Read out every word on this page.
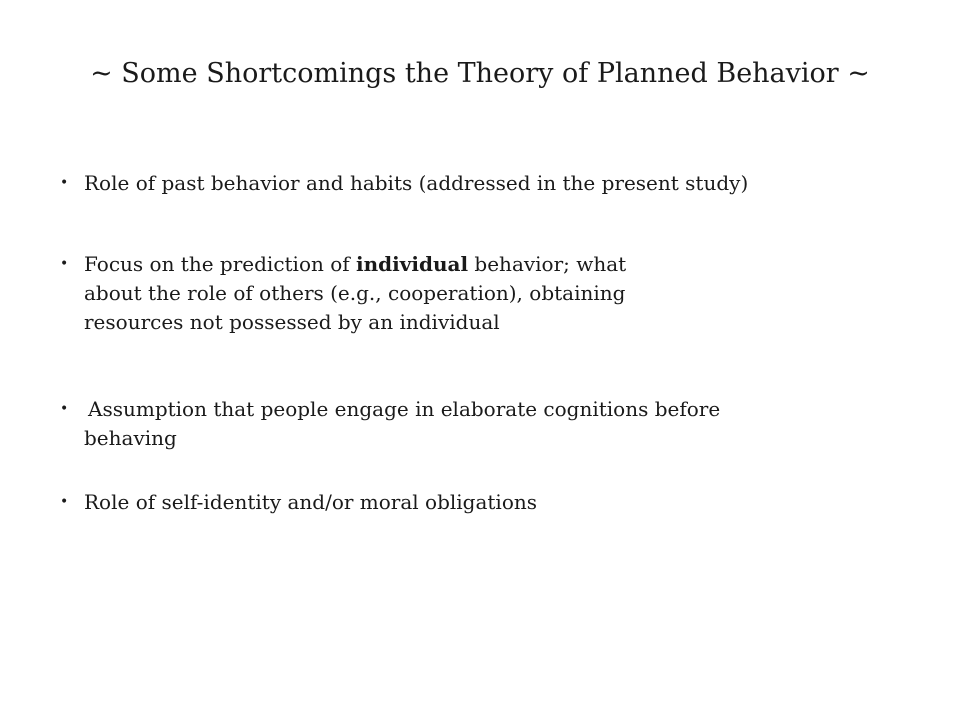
~ Some Shortcomings the Theory of Planned Behavior ~
• Role of past behavior and habits (addressed in the present study)
• Focus on the prediction of individual behavior; what
about the role of others (e.g., cooperation), obtaining
resources not possessed by an individual
• Assumption that people engage in elaborate cognitions before
behaving
• Role of self-identity and/or moral obligations
